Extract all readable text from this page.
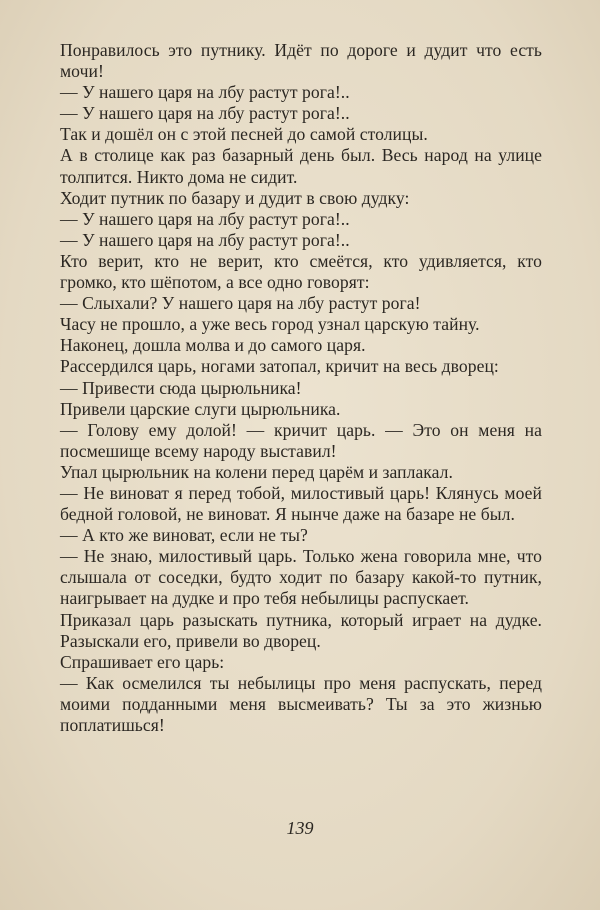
Понравилось это путнику. Идёт по дороге и дудит что есть мочи!

— У нашего царя на лбу растут рога!..

— У нашего царя на лбу растут рога!..

Так и дошёл он с этой песней до самой столицы.

А в столице как раз базарный день был. Весь народ на улице толпится. Никто дома не сидит.

Ходит путник по базару и дудит в свою дудку:

— У нашего царя на лбу растут рога!..

— У нашего царя на лбу растут рога!..

Кто верит, кто не верит, кто смеётся, кто удивляется, кто громко, кто шёпотом, а все одно говорят:

— Слыхали? У нашего царя на лбу растут рога!

Часу не прошло, а уже весь город узнал царскую тайну.

Наконец, дошла молва и до самого царя.

Рассердился царь, ногами затопал, кричит на весь дворец:

— Привести сюда цырюльника!

Привели царские слуги цырюльника.

— Голову ему долой! — кричит царь. — Это он меня на посмешище всему народу выставил!

Упал цырюльник на колени перед царём и заплакал.

— Не виноват я перед тобой, милостивый царь! Клянусь моей бедной головой, не виноват. Я нынче даже на базаре не был.

— А кто же виноват, если не ты?

— Не знаю, милостивый царь. Только жена говорила мне, что слышала от соседки, будто ходит по базару какой-то путник, наигрывает на дудке и про тебя небылицы распускает.

Приказал царь разыскать путника, который играет на дудке. Разыскали его, привели во дворец.

Спрашивает его царь:

— Как осмелился ты небылицы про меня распускать, перед моими подданными меня высмеивать? Ты за это жизнью поплатишься!

139
